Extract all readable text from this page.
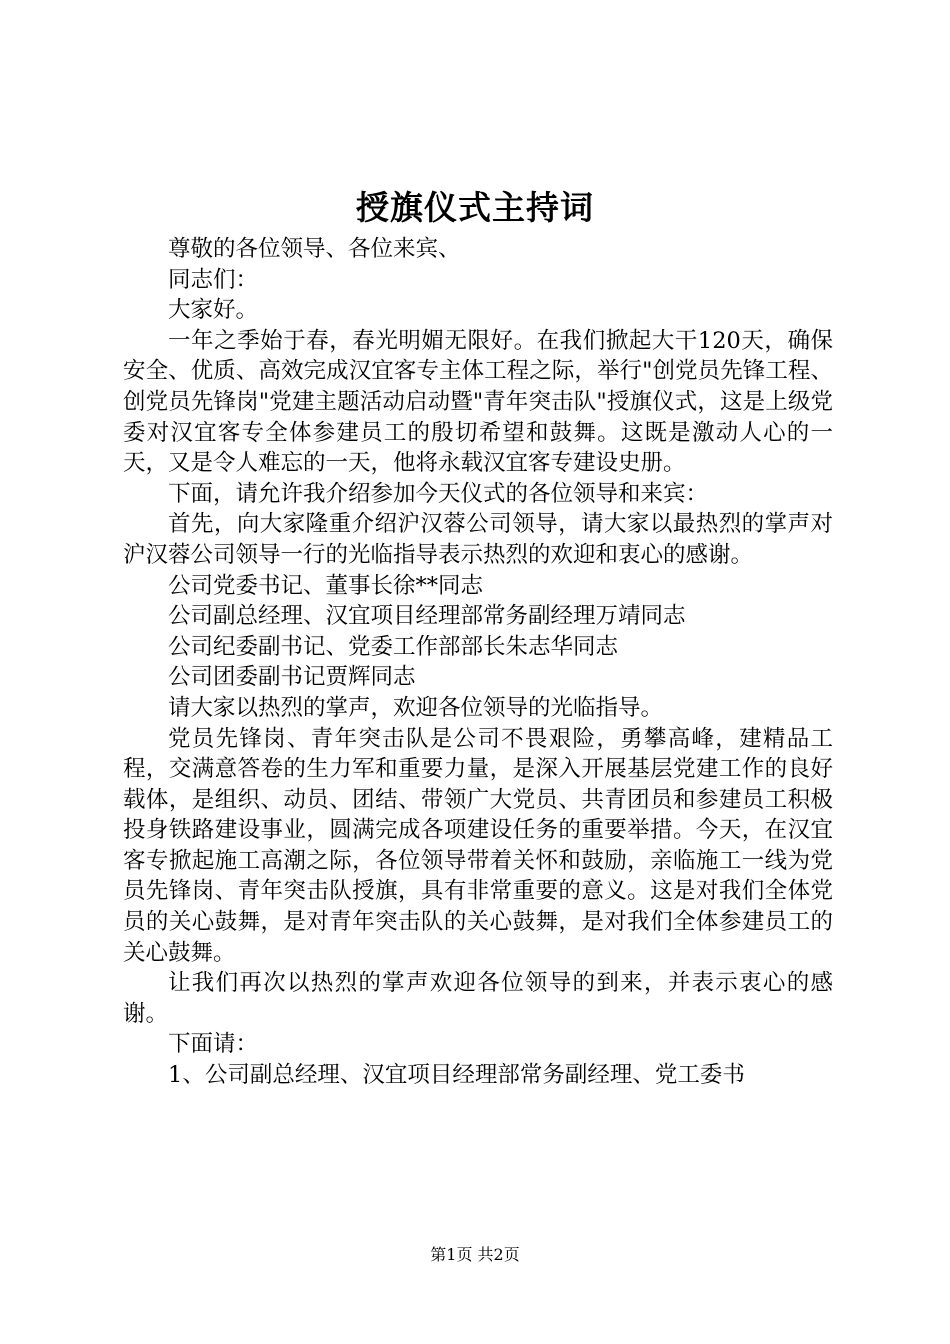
授旗仪式主持词

尊敬的各位领导、各位来宾、

同志们：

大家好。

一年之季始于春，春光明媚无限好。在我们掀起大干120天，确保安全、优质、高效完成汉宜客专主体工程之际，举行"创党员先锋工程、创党员先锋岗"党建主题活动启动暨"青年突击队"授旗仪式，这是上级党委对汉宜客专全体参建员工的殷切希望和鼓舞。这既是激动人心的一天，又是令人难忘的一天，他将永载汉宜客专建设史册。

下面，请允许我介绍参加今天仪式的各位领导和来宾：

首先，向大家隆重介绍沪汉蓉公司领导，请大家以最热烈的掌声对沪汉蓉公司领导一行的光临指导表示热烈的欢迎和衷心的感谢。

公司党委书记、董事长徐**同志

公司副总经理、汉宜项目经理部常务副经理万靖同志

公司纪委副书记、党委工作部部长朱志华同志

公司团委副书记贾辉同志

请大家以热烈的掌声，欢迎各位领导的光临指导。

党员先锋岗、青年突击队是公司不畏艰险，勇攀高峰，建精品工程，交满意答卷的生力军和重要力量，是深入开展基层党建工作的良好载体，是组织、动员、团结、带领广大党员、共青团员和参建员工积极投身铁路建设事业，圆满完成各项建设任务的重要举措。今天，在汉宜客专掀起施工高潮之际，各位领导带着关怀和鼓励，亲临施工一线为党员先锋岗、青年突击队授旗，具有非常重要的意义。这是对我们全体党员的关心鼓舞，是对青年突击队的关心鼓舞，是对我们全体参建员工的关心鼓舞。

让我们再次以热烈的掌声欢迎各位领导的到来，并表示衷心的感谢。

下面请：

1、公司副总经理、汉宜项目经理部常务副经理、党工委书

第1页 共2页
